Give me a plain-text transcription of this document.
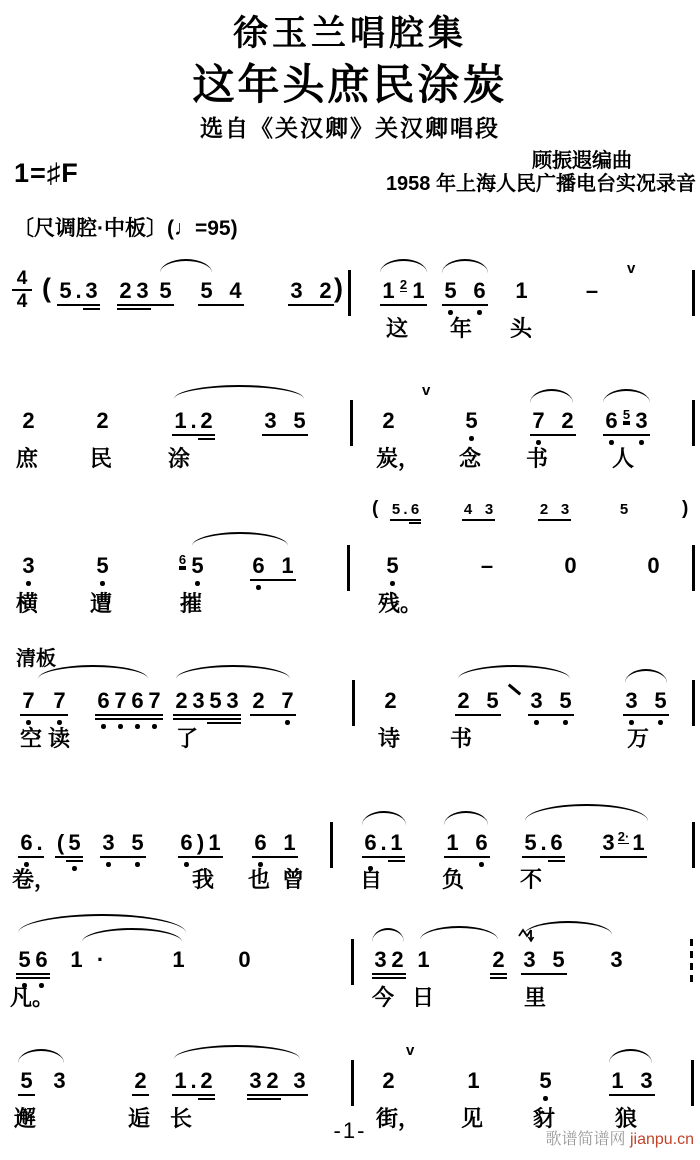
徐玉兰唱腔集
这年头庶民涂炭
选自《关汉卿》关汉卿唱段
1=♯F	顾振遐编曲
1958 年上海人民广播电台实况录音
〔尺调腔·中板〕(♩=95)
4
4 ( 5 . 3 2 3 5 5 4 3 2 ) 1 2 1 5 6 1	–
v
这 年 头
2	2	1 . 2 3 5	2
v
5 7 2 6 5 3
庶 民	涂	炭， 念 书	人
( 5 . 6	4 3	2 3	5	)
3	5	6 5 6 1	5	–	0	0
横 遭	摧	残。
清板
7 7 6 7 6 7 2 3 5 3 2 7	2	2 5 3 5 3 5
空 读	了	诗 书	万
6 . ( 5 3 5 6 ) 1 6 1	6 . 1 1 6 5 . 6 3 2· 1
卷，	我 也 曾	自	负	不
5 6 1 ·	1 0	3 2 1	2 3 5 3
凡。	今 日	里
5 3	2 1 . 2 3 2 3	2
v
1	5	1 3
邂	逅 长	街， 见 豺	狼
-1-	歌谱简谱网 jianpu.cn
